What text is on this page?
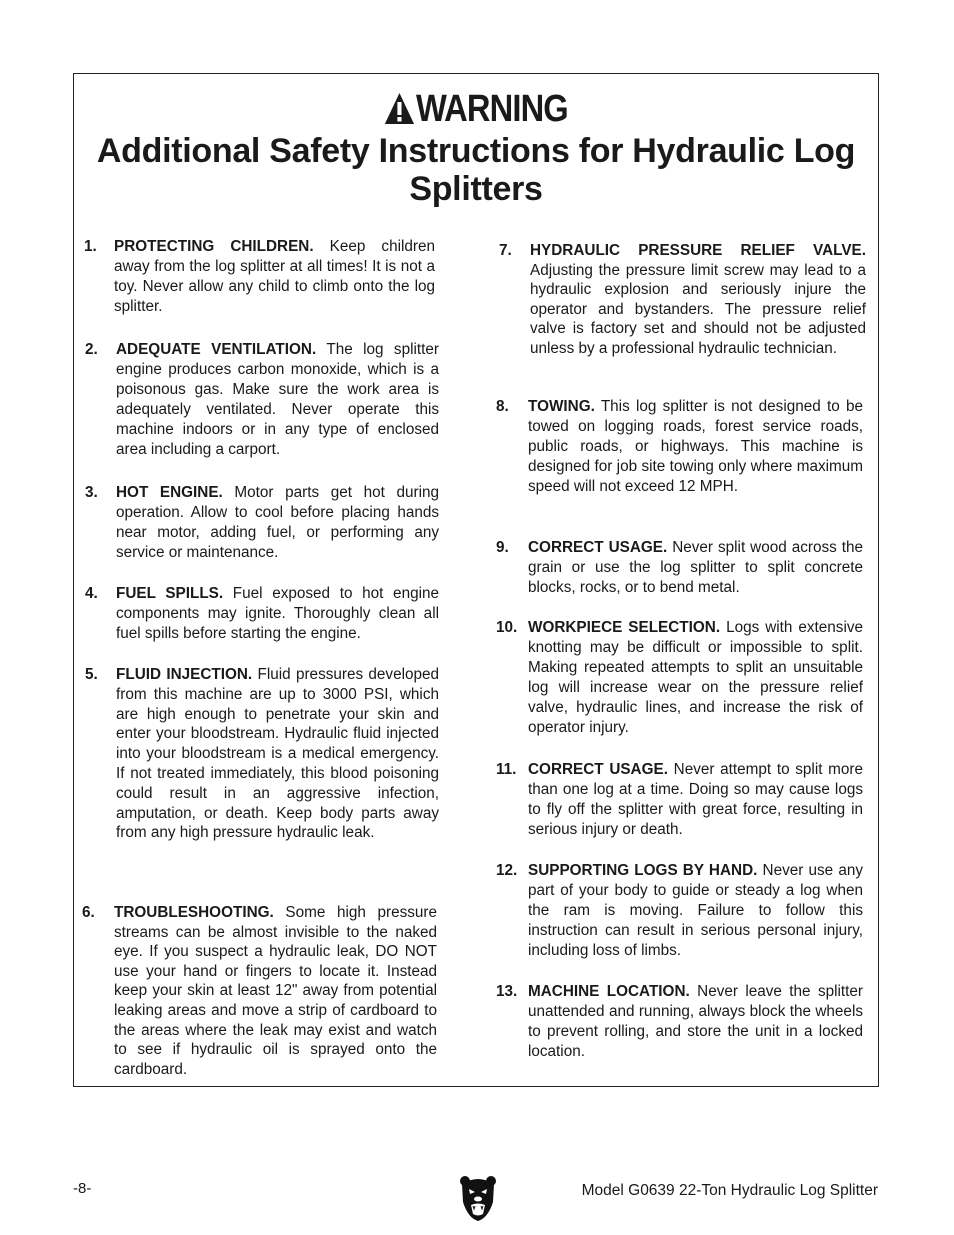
WARNING
Additional Safety Instructions for Hydraulic Log Splitters
1. PROTECTING CHILDREN. Keep children away from the log splitter at all times! It is not a toy. Never allow any child to climb onto the log splitter.
2. ADEQUATE VENTILATION. The log splitter engine produces carbon monoxide, which is a poisonous gas. Make sure the work area is adequately ventilated. Never operate this machine indoors or in any type of enclosed area including a carport.
3. HOT ENGINE. Motor parts get hot during operation. Allow to cool before placing hands near motor, adding fuel, or performing any service or maintenance.
4. FUEL SPILLS. Fuel exposed to hot engine components may ignite. Thoroughly clean all fuel spills before starting the engine.
5. FLUID INJECTION. Fluid pressures developed from this machine are up to 3000 PSI, which are high enough to penetrate your skin and enter your bloodstream. Hydraulic fluid injected into your bloodstream is a medical emergency. If not treated immediately, this blood poisoning could result in an aggressive infection, amputation, or death. Keep body parts away from any high pressure hydraulic leak.
6. TROUBLESHOOTING. Some high pressure streams can be almost invisible to the naked eye. If you suspect a hydraulic leak, DO NOT use your hand or fingers to locate it. Instead keep your skin at least 12" away from potential leaking areas and move a strip of cardboard to the areas where the leak may exist and watch to see if hydraulic oil is sprayed onto the cardboard.
7. HYDRAULIC PRESSURE RELIEF VALVE. Adjusting the pressure limit screw may lead to a hydraulic explosion and seriously injure the operator and bystanders. The pressure relief valve is factory set and should not be adjusted unless by a professional hydraulic technician.
8. TOWING. This log splitter is not designed to be towed on logging roads, forest service roads, public roads, or highways. This machine is designed for job site towing only where maximum speed will not exceed 12 MPH.
9. CORRECT USAGE. Never split wood across the grain or use the log splitter to split concrete blocks, rocks, or to bend metal.
10. WORKPIECE SELECTION. Logs with extensive knotting may be difficult or impossible to split. Making repeated attempts to split an unsuitable log will increase wear on the pressure relief valve, hydraulic lines, and increase the risk of operator injury.
11. CORRECT USAGE. Never attempt to split more than one log at a time. Doing so may cause logs to fly off the splitter with great force, resulting in serious injury or death.
12. SUPPORTING LOGS BY HAND. Never use any part of your body to guide or steady a log when the ram is moving. Failure to follow this instruction can result in serious personal injury, including loss of limbs.
13. MACHINE LOCATION. Never leave the splitter unattended and running, always block the wheels to prevent rolling, and store the unit in a locked location.
-8-	Model G0639 22-Ton Hydraulic Log Splitter
